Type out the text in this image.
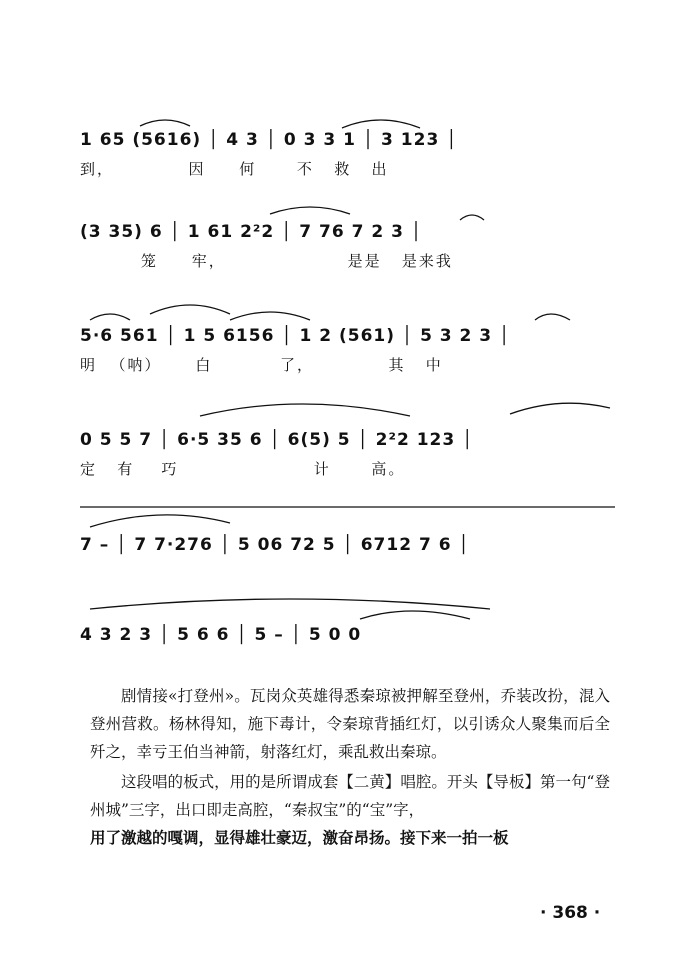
1 65 (5616) │ 4 3 │ 0 3 3 1 │ 3 123 │
到，           因     何      不   救   出
(3 35) 6 │ 1 61 2²2 │ 7 76 7 2 3 │
笼     牢，                  是是   是来我
5·6 561 │ 1 5 6156 │ 1 2 (561) │ 5 3 2 3 │
明  （呐）     白          了，           其   中
0 5 5 7 │ 6·5 35 6 │ 6(5) 5 │ 2²2 123 │
定   有    巧                    计      高。
7 – │ 7 7·276 │ 5 06 72 5 │ 6712 7 6 │
4 3 2 3 │ 5 6 6 │ 5 – │ 5 0 0

剧情接«打登州»。瓦岗众英雄得悉秦琼被押解至登州，乔装改扮，混入登州营救。杨林得知，施下毒计，令秦琼背插红灯，以引诱众人聚集而后全歼之，幸亏王伯当神箭，射落红灯，乘乱救出秦琼。

这段唱的板式，用的是所谓成套【二黄】唱腔。开头【导板】第一句“登州城”三字，出口即走高腔，“秦叔宝”的“宝”字，

用了激越的嘎调，显得雄壮豪迈，激奋昂扬。接下来一拍一板

· 368 ·
